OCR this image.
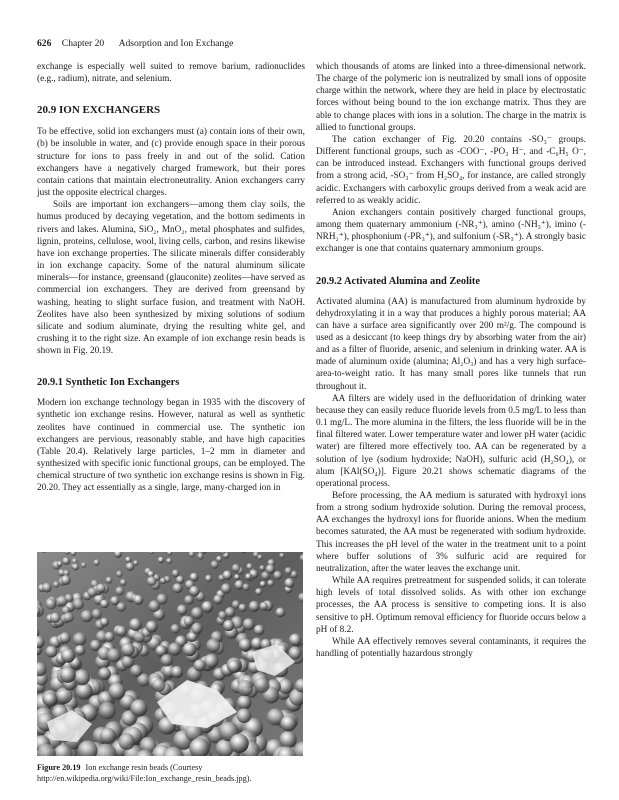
626 Chapter 20 Adsorption and Ion Exchange

exchange is especially well suited to remove barium, radionuclides (e.g., radium), nitrate, and selenium.

20.9 ION EXCHANGERS

To be effective, solid ion exchangers must (a) contain ions of their own, (b) be insoluble in water, and (c) provide enough space in their porous structure for ions to pass freely in and out of the solid. Cation exchangers have a negatively charged framework, but their pores contain cations that maintain electroneutrality. Anion exchangers carry just the opposite electrical charges.

Soils are important ion exchangers—among them clay soils, the humus produced by decaying vegetation, and the bottom sediments in rivers and lakes. Alumina, SiO₂, MnO₂, metal phosphates and sulfides, lignin, proteins, cellulose, wool, living cells, carbon, and resins likewise have ion exchange properties. The silicate minerals differ considerably in ion exchange capacity. Some of the natural aluminum silicate minerals—for instance, greensand (glauconite) zeolites—have served as commercial ion exchangers. They are derived from greensand by washing, heating to slight surface fusion, and treatment with NaOH. Zeolites have also been synthesized by mixing solutions of sodium silicate and sodium aluminate, drying the resulting white gel, and crushing it to the right size. An example of ion exchange resin beads is shown in Fig. 20.19.

20.9.1 Synthetic Ion Exchangers

Modern ion exchange technology began in 1935 with the discovery of synthetic ion exchange resins. However, natural as well as synthetic zeolites have continued in commercial use. The synthetic ion exchangers are pervious, reasonably stable, and have high capacities (Table 20.4). Relatively large particles, 1–2 mm in diameter and synthesized with specific ionic functional groups, can be employed. The chemical structure of two synthetic ion exchange resins is shown in Fig. 20.20. They act essentially as a single, large, many-charged ion in

Figure 20.19 Ion exchange resin beads (Courtesy http://en.wikipedia.org/wiki/File:Ion_exchange_resin_beads.jpg).

which thousands of atoms are linked into a three-dimensional network. The charge of the polymeric ion is neutralized by small ions of opposite charge within the network, where they are held in place by electrostatic forces without being bound to the ion exchange matrix. Thus they are able to change places with ions in a solution. The charge in the matrix is allied to functional groups.

The cation exchanger of Fig. 20.20 contains -SO₃⁻ groups. Different functional groups, such as -COO⁻, -PO₃ H⁻, and -C₆H₅ O⁻, can be introduced instead. Exchangers with functional groups derived from a strong acid, -SO₃⁻ from H₂SO₄, for instance, are called strongly acidic. Exchangers with carboxylic groups derived from a weak acid are referred to as weakly acidic.

Anion exchangers contain positively charged functional groups, among them quaternary ammonium (-NR₃⁺), amino (-NH₃⁺), imino (-NRH₂⁺), phosphonium (-PR₃⁺), and sulfonium (-SR₃⁺). A strongly basic exchanger is one that contains quaternary ammonium groups.

20.9.2 Activated Alumina and Zeolite

Activated alumina (AA) is manufactured from aluminum hydroxide by dehydroxylating it in a way that produces a highly porous material; AA can have a surface area significantly over 200 m²/g. The compound is used as a desiccant (to keep things dry by absorbing water from the air) and as a filter of fluoride, arsenic, and selenium in drinking water. AA is made of aluminum oxide (alumina; Al₂O₃) and has a very high surface-area-to-weight ratio. It has many small pores like tunnels that run throughout it.

AA filters are widely used in the defluoridation of drinking water because they can easily reduce fluoride levels from 0.5 mg/L to less than 0.1 mg/L. The more alumina in the filters, the less fluoride will be in the final filtered water. Lower temperature water and lower pH water (acidic water) are filtered more effectively too. AA can be regenerated by a solution of lye (sodium hydroxide; NaOH), sulfuric acid (H₂SO₄), or alum [KAl(SO₄)]. Figure 20.21 shows schematic diagrams of the operational process.

Before processing, the AA medium is saturated with hydroxyl ions from a strong sodium hydroxide solution. During the removal process, AA exchanges the hydroxyl ions for fluoride anions. When the medium becomes saturated, the AA must be regenerated with sodium hydroxide. This increases the pH level of the water in the treatment unit to a point where buffer solutions of 3% sulfuric acid are required for neutralization, after the water leaves the exchange unit.

While AA requires pretreatment for suspended solids, it can tolerate high levels of total dissolved solids. As with other ion exchange processes, the AA process is sensitive to competing ions. It is also sensitive to pH. Optimum removal efficiency for fluoride occurs below a pH of 8.2.

While AA effectively removes several contaminants, it requires the handling of potentially hazardous strongly
